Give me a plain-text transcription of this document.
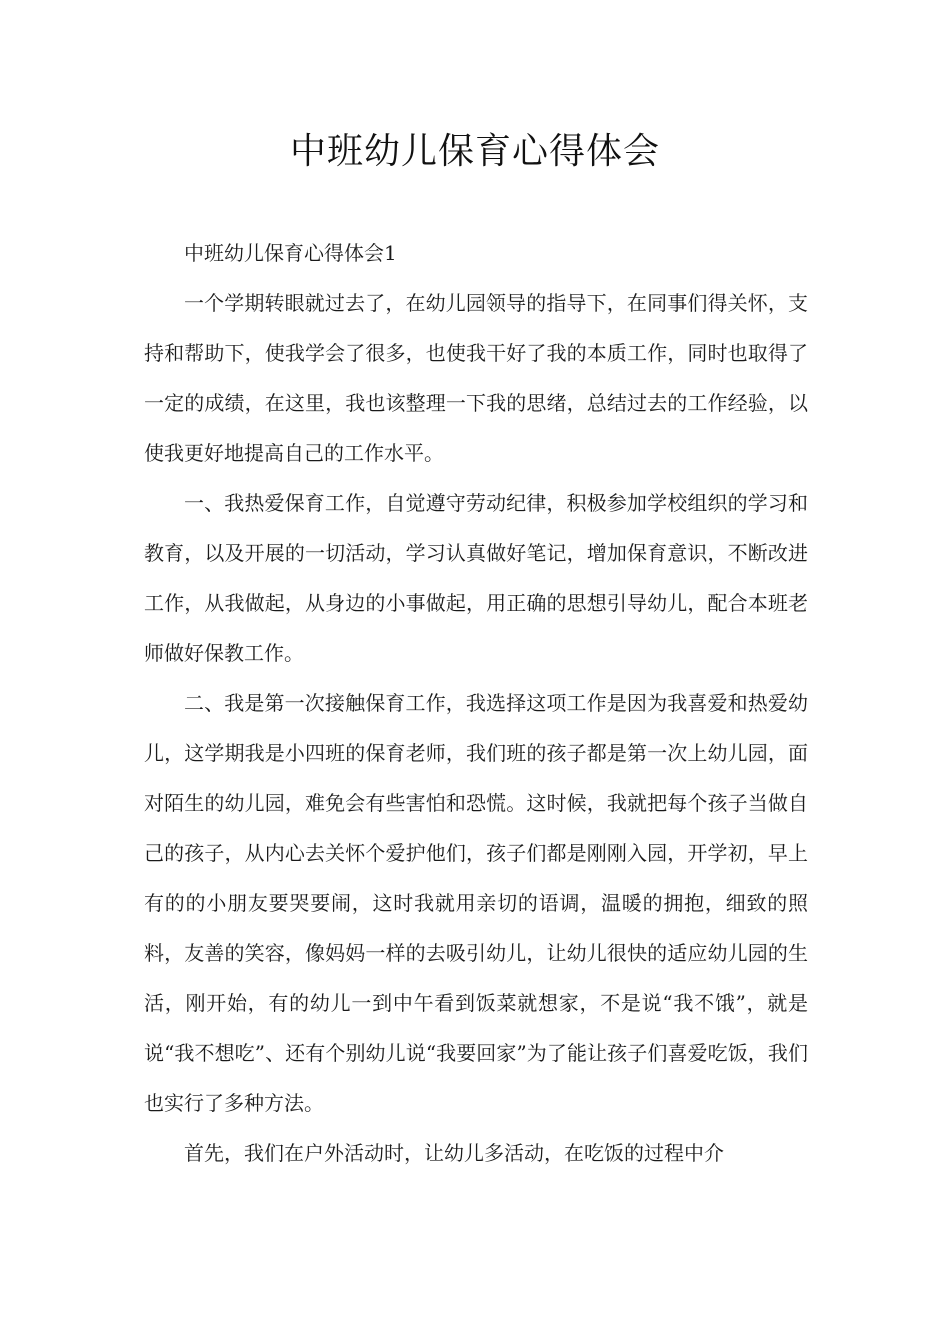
中班幼儿保育心得体会

中班幼儿保育心得体会1

一个学期转眼就过去了，在幼儿园领导的指导下，在同事们得关怀，支持和帮助下，使我学会了很多，也使我干好了我的本质工作，同时也取得了一定的成绩，在这里，我也该整理一下我的思绪，总结过去的工作经验，以使我更好地提高自己的工作水平。

一、我热爱保育工作，自觉遵守劳动纪律，积极参加学校组织的学习和教育，以及开展的一切活动，学习认真做好笔记，增加保育意识，不断改进工作，从我做起，从身边的小事做起，用正确的思想引导幼儿，配合本班老师做好保教工作。

二、我是第一次接触保育工作，我选择这项工作是因为我喜爱和热爱幼儿，这学期我是小四班的保育老师，我们班的孩子都是第一次上幼儿园，面对陌生的幼儿园，难免会有些害怕和恐慌。这时候，我就把每个孩子当做自己的孩子，从内心去关怀个爱护他们，孩子们都是刚刚入园，开学初，早上有的的小朋友要哭要闹，这时我就用亲切的语调，温暖的拥抱，细致的照料，友善的笑容，像妈妈一样的去吸引幼儿，让幼儿很快的适应幼儿园的生活，刚开始，有的幼儿一到中午看到饭菜就想家，不是说“我不饿”，就是说“我不想吃”、还有个别幼儿说“我要回家”为了能让孩子们喜爱吃饭，我们也实行了多种方法。

首先，我们在户外活动时，让幼儿多活动，在吃饭的过程中介
